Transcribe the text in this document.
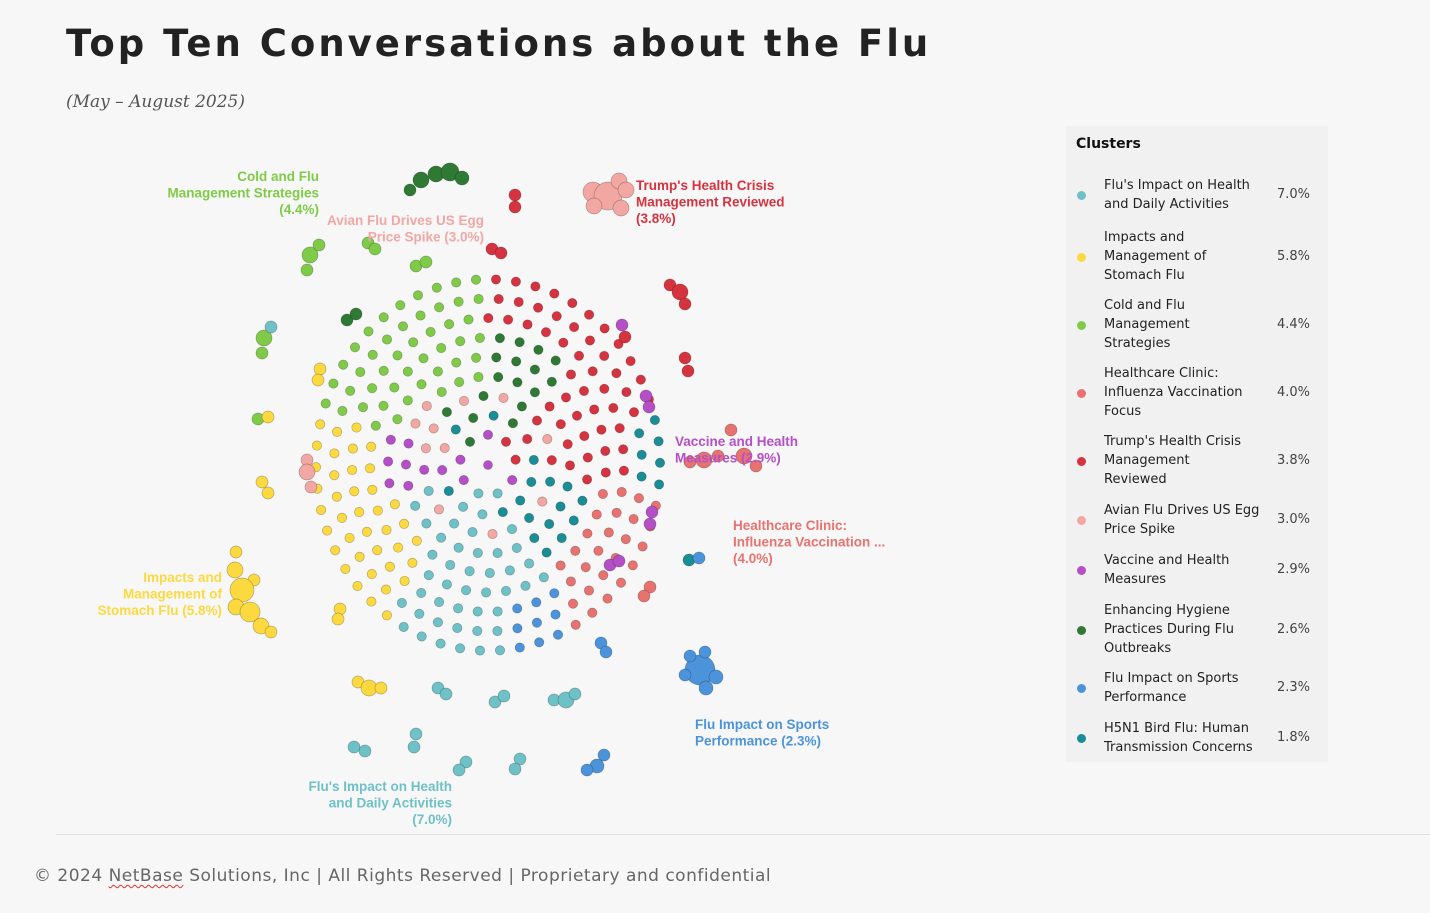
Top Ten Conversations about the Flu
(May – August 2025)
Cold and Flu Management Strategies (4.4%)
Avian Flu Drives US Egg Price Spike (3.0%)
Trump's Health Crisis Management Reviewed (3.8%)
Vaccine and Health Measures (2.9%)
Healthcare Clinic: Influenza Vaccination ... (4.0%)
Impacts and Management of Stomach Flu (5.8%)
Flu Impact on Sports Performance (2.3%)
Flu's Impact on Health and Daily Activities (7.0%)
Clusters
Flu's Impact on Health
and Daily Activities
7.0%
Impacts and
Management of
Stomach Flu
5.8%
Cold and Flu
Management
Strategies
4.4%
Healthcare Clinic:
Influenza Vaccination
Focus
4.0%
Trump's Health Crisis
Management
Reviewed
3.8%
Avian Flu Drives US Egg
Price Spike
3.0%
Vaccine and Health
Measures
2.9%
Enhancing Hygiene
Practices During Flu
Outbreaks
2.6%
Flu Impact on Sports
Performance
2.3%
H5N1 Bird Flu: Human
Transmission Concerns
1.8%
© 2024 NetBase Solutions, Inc | All Rights Reserved | Proprietary and confidential
